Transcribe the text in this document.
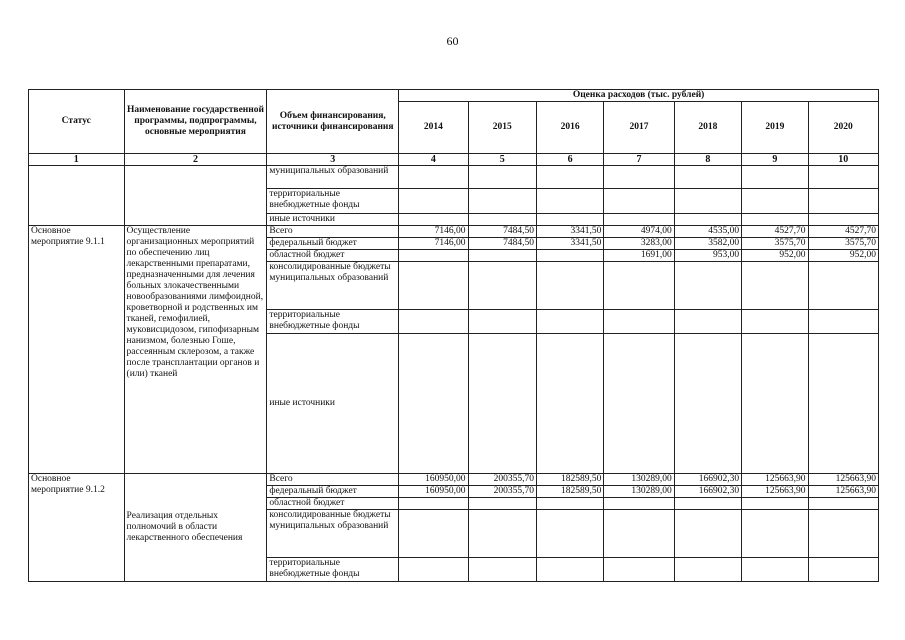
60
Статус	Наименование государственной программы, подпрограммы, основные мероприятия	Объем финансирования, источники финансирования	Оценка расходов (тыс. рублей)						
			2014	2015	2016	2017	2018	2019	2020
1	2	3	4	5	6	7	8	9	10
		муниципальных образований							
		территориальные внебюджетные фонды							
		иные источники							
Основное мероприятие 9.1.1	Осуществление организационных мероприятий по обеспечению лиц лекарственными препаратами, предназначенными для лечения больных злокачественными новообразованиями лимфоидной, кроветворной и родственных им тканей, гемофилией, муковисцидозом, гипофизарным нанизмом, болезнью Гоше, рассеянным склерозом, а также после трансплантации органов и (или) тканей	Всего	7146,00	7484,50	3341,50	4974,00	4535,00	4527,70	4527,70
		федеральный бюджет	7146,00	7484,50	3341,50	3283,00	3582,00	3575,70	3575,70
		областной бюджет				1691,00	953,00	952,00	952,00
		консолидированные бюджеты муниципальных образований							
		территориальные внебюджетные фонды							
		иные источники							
Основное мероприятие 9.1.2	Реализация отдельных полномочий в области лекарственного обеспечения	Всего	160950,00	200355,70	182589,50	130289,00	166902,30	125663,90	125663,90
		федеральный бюджет	160950,00	200355,70	182589,50	130289,00	166902,30	125663,90	125663,90
		областной бюджет							
		консолидированные бюджеты муниципальных образований							
		территориальные внебюджетные фонды							
